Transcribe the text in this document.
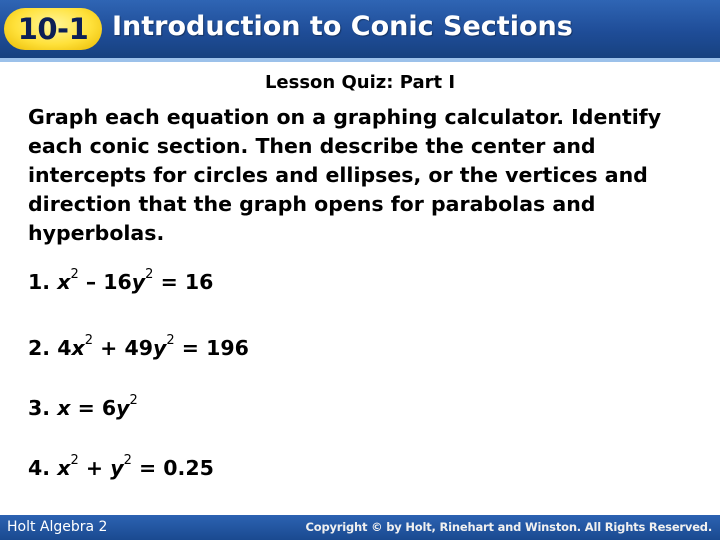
10-1 Introduction to Conic Sections
Lesson Quiz: Part I

Graph each equation on a graphing calculator. Identify each conic section. Then describe the center and intercepts for circles and ellipses, or the vertices and direction that the graph opens for parabolas and hyperbolas.

1. $x^2 - 16y^2 = 16$
2. $4x^2 + 49y^2 = 196$
3. $x = 6y^2$
4. $x^2 + y^2 = 0.25$
Holt Algebra 2	Copyright © by Holt, Rinehart and Winston. All Rights Reserved.
